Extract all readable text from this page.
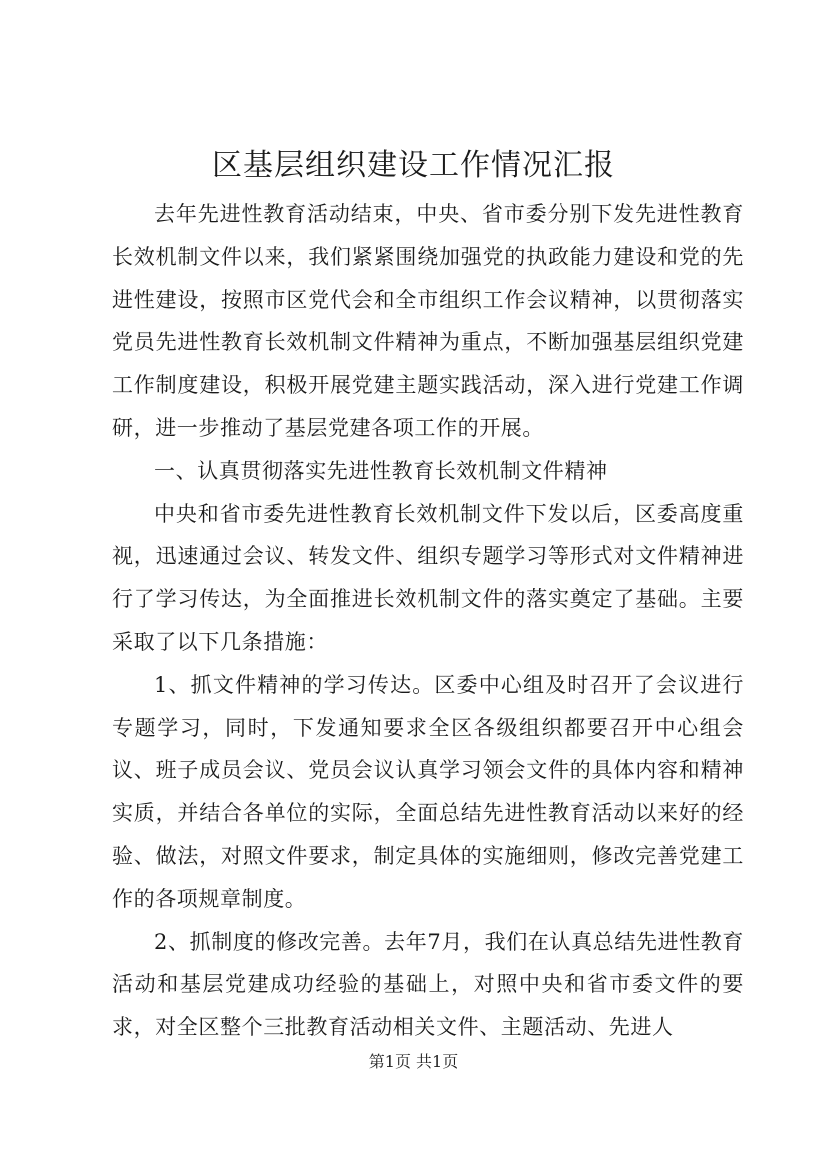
区基层组织建设工作情况汇报

去年先进性教育活动结束，中央、省市委分别下发先进性教育长效机制文件以来，我们紧紧围绕加强党的执政能力建设和党的先进性建设，按照市区党代会和全市组织工作会议精神，以贯彻落实党员先进性教育长效机制文件精神为重点，不断加强基层组织党建工作制度建设，积极开展党建主题实践活动，深入进行党建工作调研，进一步推动了基层党建各项工作的开展。

一、认真贯彻落实先进性教育长效机制文件精神

中央和省市委先进性教育长效机制文件下发以后，区委高度重视，迅速通过会议、转发文件、组织专题学习等形式对文件精神进行了学习传达，为全面推进长效机制文件的落实奠定了基础。主要采取了以下几条措施：

1、抓文件精神的学习传达。区委中心组及时召开了会议进行专题学习，同时，下发通知要求全区各级组织都要召开中心组会议、班子成员会议、党员会议认真学习领会文件的具体内容和精神实质，并结合各单位的实际，全面总结先进性教育活动以来好的经验、做法，对照文件要求，制定具体的实施细则，修改完善党建工作的各项规章制度。

2、抓制度的修改完善。去年7月，我们在认真总结先进性教育活动和基层党建成功经验的基础上，对照中央和省市委文件的要求，对全区整个三批教育活动相关文件、主题活动、先进人

第1页 共1页
